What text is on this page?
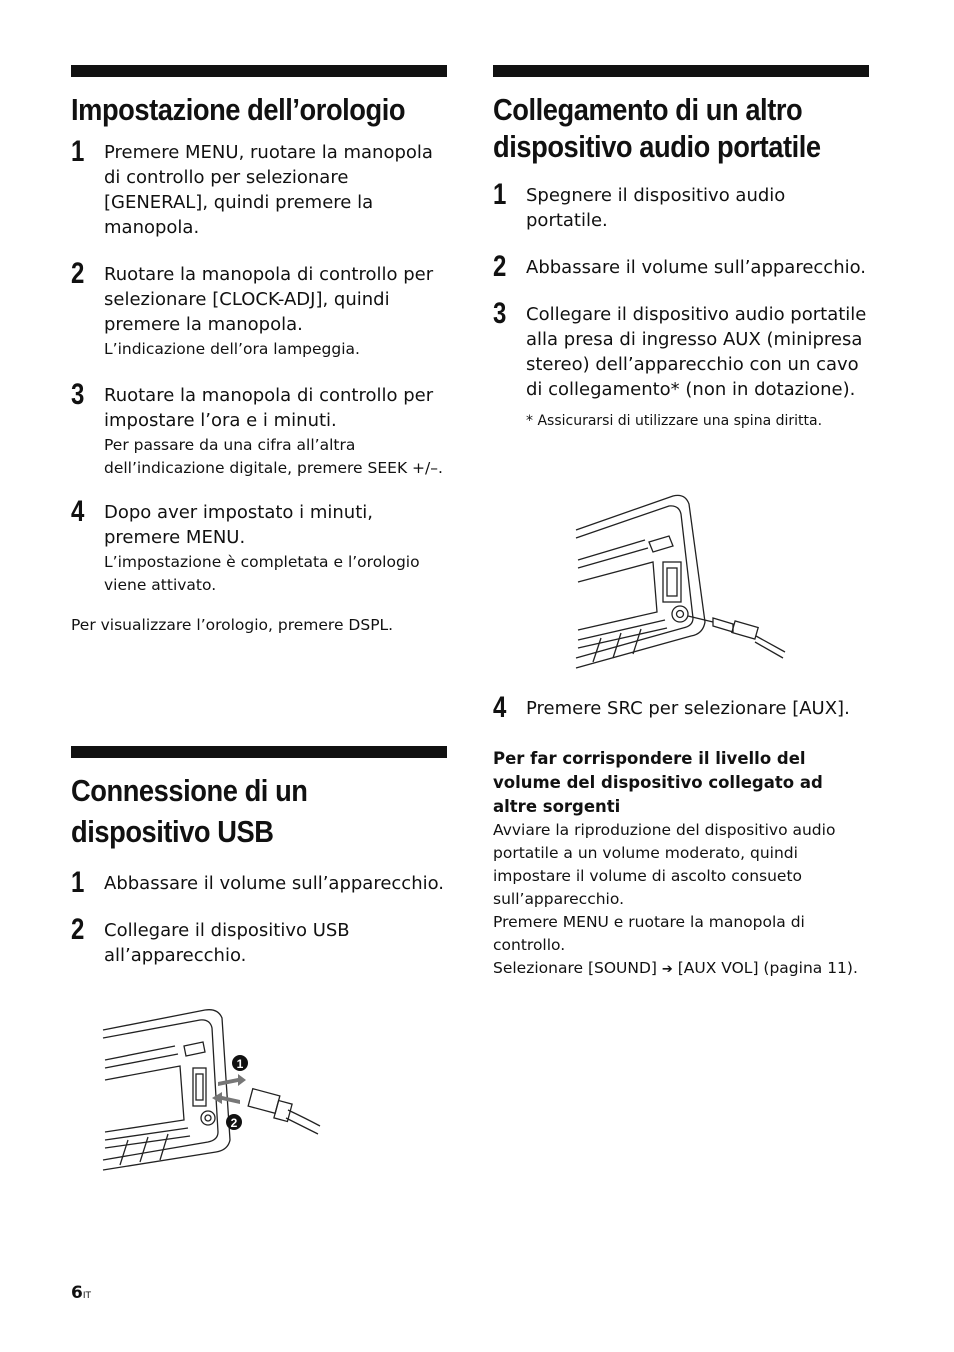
Impostazione dell’orologio
1 Premere MENU, ruotare la manopola di controllo per selezionare [GENERAL], quindi premere la manopola.
2 Ruotare la manopola di controllo per selezionare [CLOCK-ADJ], quindi premere la manopola.
L’indicazione dell’ora lampeggia.
3 Ruotare la manopola di controllo per impostare l’ora e i minuti.
Per passare da una cifra all’altra dell’indicazione digitale, premere SEEK +/–.
4 Dopo aver impostato i minuti, premere MENU.
L’impostazione è completata e l’orologio viene attivato.
Per visualizzare l’orologio, premere DSPL.
Connessione di un
dispositivo USB
1 Abbassare il volume sull’apparecchio.
2 Collegare il dispositivo USB all’apparecchio.
1
2
Collegamento di un altro
dispositivo audio portatile
1 Spegnere il dispositivo audio portatile.
2 Abbassare il volume sull’apparecchio.
3 Collegare il dispositivo audio portatile alla presa di ingresso AUX (minipresa stereo) dell’apparecchio con un cavo di collegamento* (non in dotazione).
* Assicurarsi di utilizzare una spina diritta.
4 Premere SRC per selezionare [AUX].
Per far corrispondere il livello del volume del dispositivo collegato ad altre sorgenti
Avviare la riproduzione del dispositivo audio portatile a un volume moderato, quindi impostare il volume di ascolto consueto sull’apparecchio.
Premere MENU e ruotare la manopola di controllo.
Selezionare [SOUND] ➔ [AUX VOL] (pagina 11).
6IT
